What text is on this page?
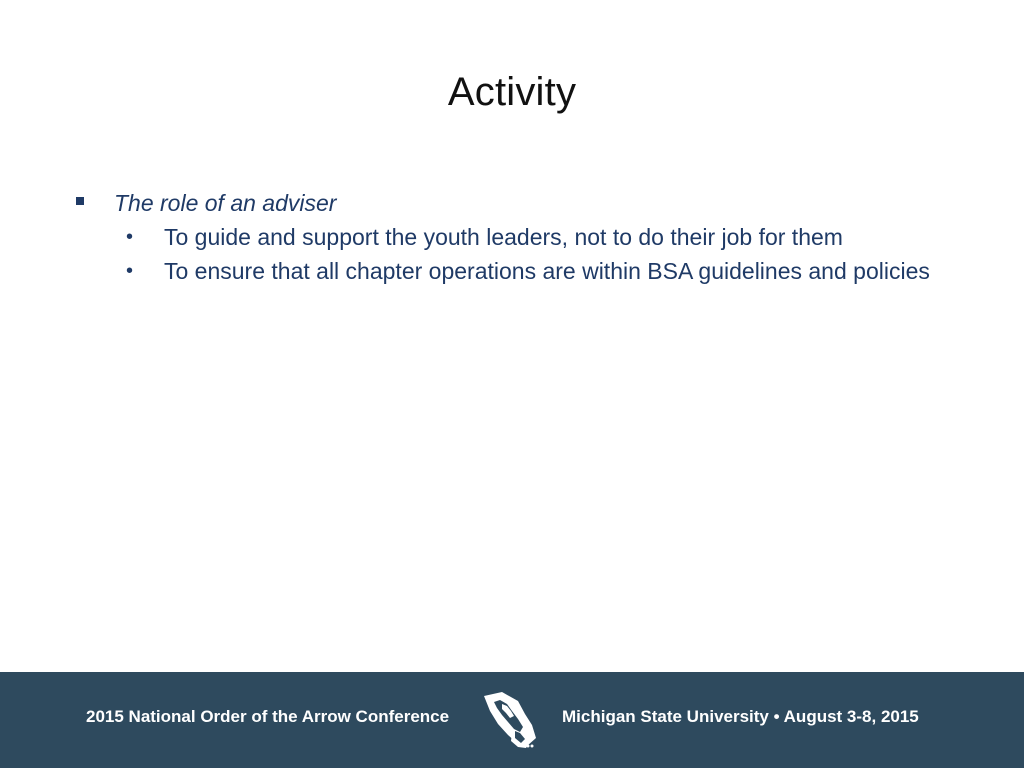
Activity
The role of an adviser
• To guide and support the youth leaders, not to do their job for them
• To ensure that all chapter operations are within BSA guidelines and policies
2015 National Order of the Arrow Conference	Michigan State University • August 3-8, 2015
